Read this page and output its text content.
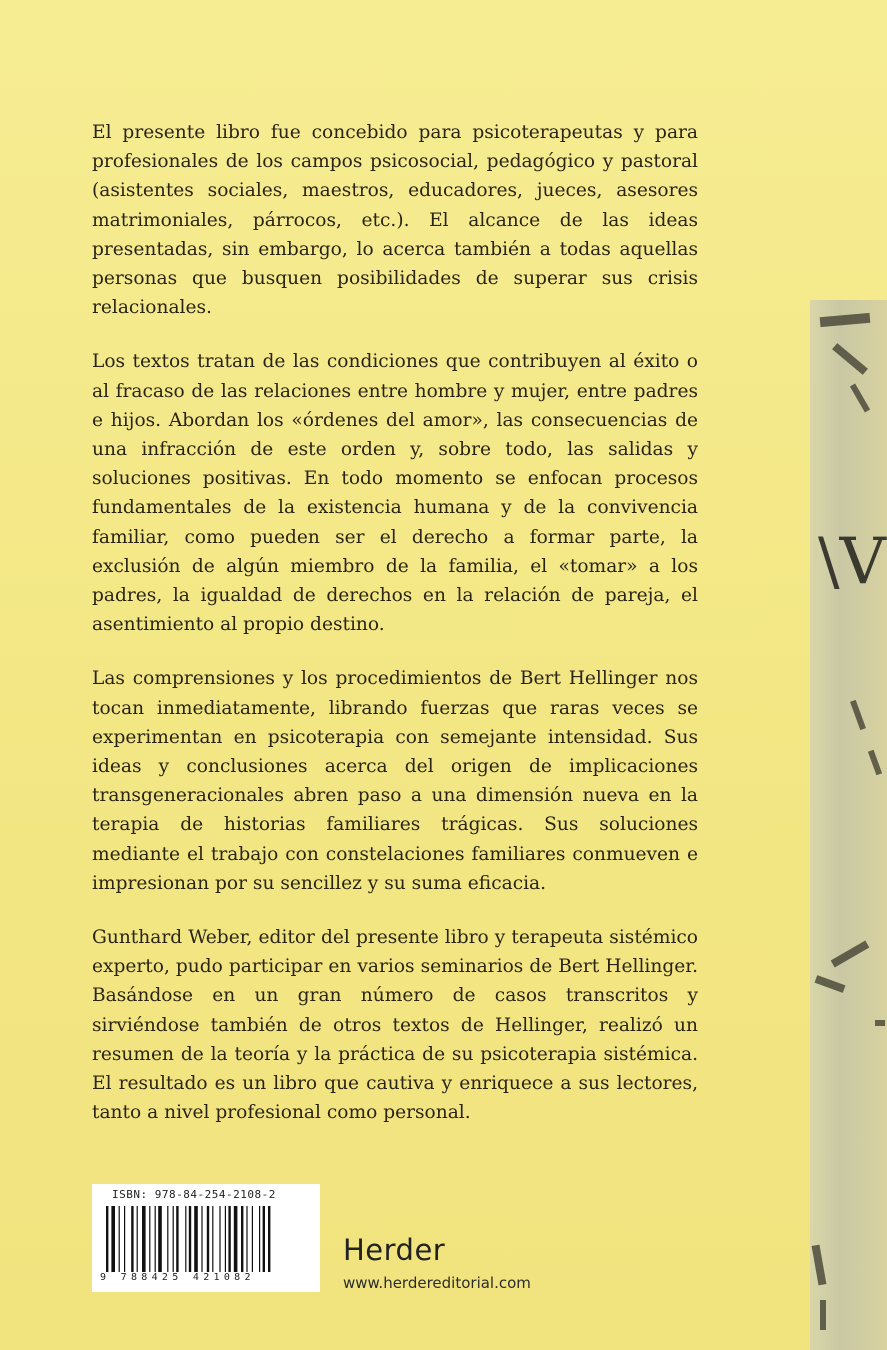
\V

El presente libro fue concebido para psicoterapeutas y para profesionales de los campos psicosocial, pedagógico y pastoral (asistentes sociales, maestros, educadores, jueces, asesores matrimoniales, párrocos, etc.). El alcance de las ideas presentadas, sin embargo, lo acerca también a todas aquellas personas que busquen posibilidades de superar sus crisis relacionales.

Los textos tratan de las condiciones que contribuyen al éxito o al fracaso de las relaciones entre hombre y mujer, entre padres e hijos. Abordan los «órdenes del amor», las consecuencias de una infracción de este orden y, sobre todo, las salidas y soluciones positivas. En todo momento se enfocan procesos fundamentales de la existencia humana y de la convivencia familiar, como pueden ser el derecho a formar parte, la exclusión de algún miembro de la familia, el «tomar» a los padres, la igualdad de derechos en la relación de pareja, el asentimiento al propio destino.

Las comprensiones y los procedimientos de Bert Hellinger nos tocan inmediatamente, librando fuerzas que raras veces se experimentan en psicoterapia con semejante intensidad. Sus ideas y conclusiones acerca del origen de implicaciones transgeneracionales abren paso a una dimensión nueva en la terapia de historias familiares trágicas. Sus soluciones mediante el trabajo con constelaciones familiares conmueven e impresionan por su sencillez y su suma eficacia.

Gunthard Weber, editor del presente libro y terapeuta sistémico experto, pudo participar en varios seminarios de Bert Hellinger. Basándose en un gran número de casos transcritos y sirviéndose también de otros textos de Hellinger, realizó un resumen de la teoría y la práctica de su psicoterapia sistémica. El resultado es un libro que cautiva y enriquece a sus lectores, tanto a nivel profesional como personal.

ISBN: 978-84-254-2108-2
9 788425 421082
Herder
www.herdereditorial.com
